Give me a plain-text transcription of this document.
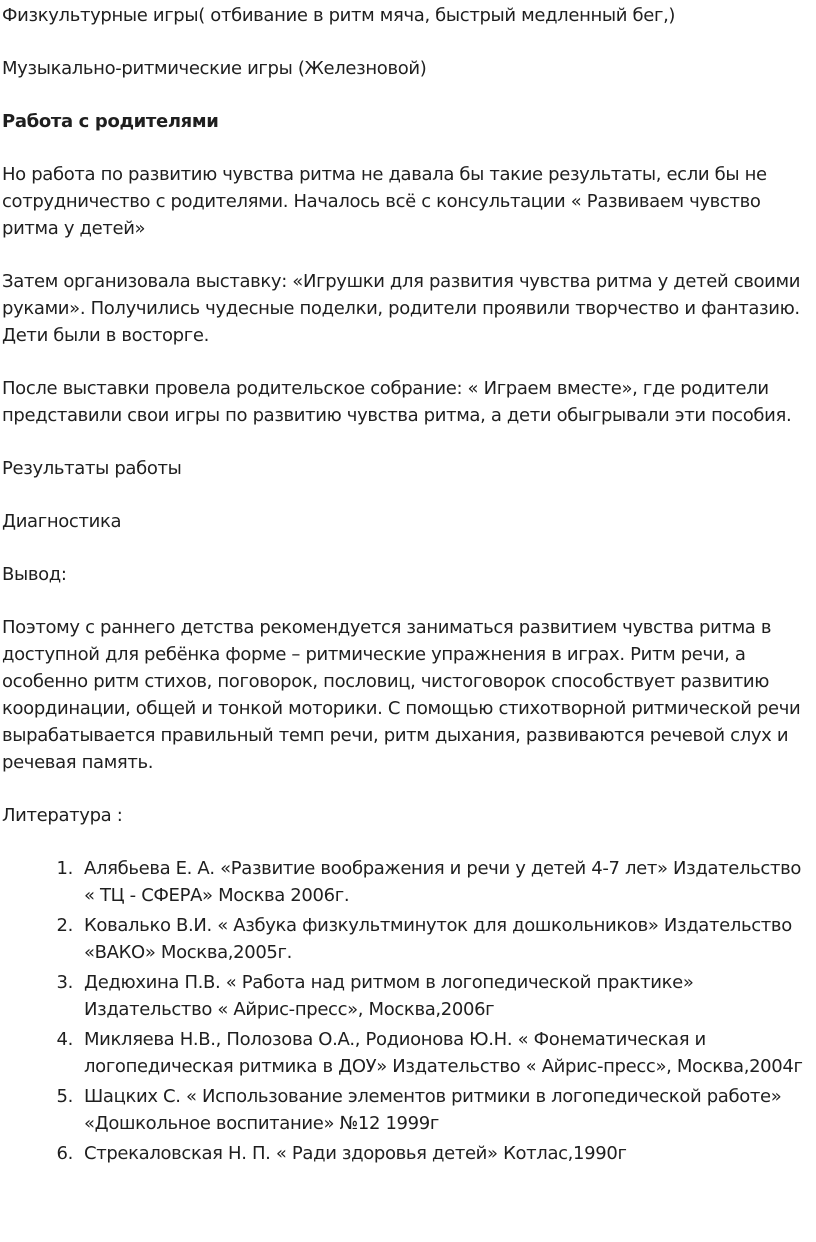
Физкультурные игры( отбивание в ритм мяча, быстрый медленный бег,)

Музыкально-ритмические игры (Железновой)

Работа с родителями

Но работа по развитию чувства ритма не давала бы такие результаты, если бы не сотрудничество с родителями. Началось всё с консультации « Развиваем чувство ритма у детей»

Затем организовала выставку: «Игрушки для развития чувства ритма у детей своими руками». Получились чудесные поделки, родители проявили творчество и фантазию. Дети были в восторге.

После выставки провела родительское собрание: « Играем вместе», где родители представили свои игры по развитию чувства ритма, а дети обыгрывали эти пособия.

Результаты работы

Диагностика

Вывод:

Поэтому с раннего детства рекомендуется заниматься развитием чувства ритма в доступной для ребёнка форме – ритмические упражнения в играх. Ритм речи, а особенно ритм стихов, поговорок, пословиц, чистоговорок способствует развитию координации, общей и тонкой моторики. С помощью стихотворной ритмической речи вырабатывается правильный темп речи, ритм дыхания, развиваются речевой слух и речевая память.

Литература :

1. Алябьева Е. А. «Развитие воображения и речи у детей 4-7 лет» Издательство « ТЦ - СФЕРА» Москва 2006г.
2. Ковалько В.И. « Азбука физкультминуток для дошкольников» Издательство «ВАКО» Москва,2005г.
3. Дедюхина П.В. « Работа над ритмом в логопедической практике» Издательство « Айрис-пресс», Москва,2006г
4. Микляева Н.В., Полозова О.А., Родионова Ю.Н. « Фонематическая и логопедическая ритмика в ДОУ» Издательство « Айрис-пресс», Москва,2004г
5. Шацких С. « Использование элементов ритмики в логопедической работе» «Дошкольное воспитание» №12 1999г
6. Стрекаловская Н. П. « Ради здоровья детей» Котлас,1990г
